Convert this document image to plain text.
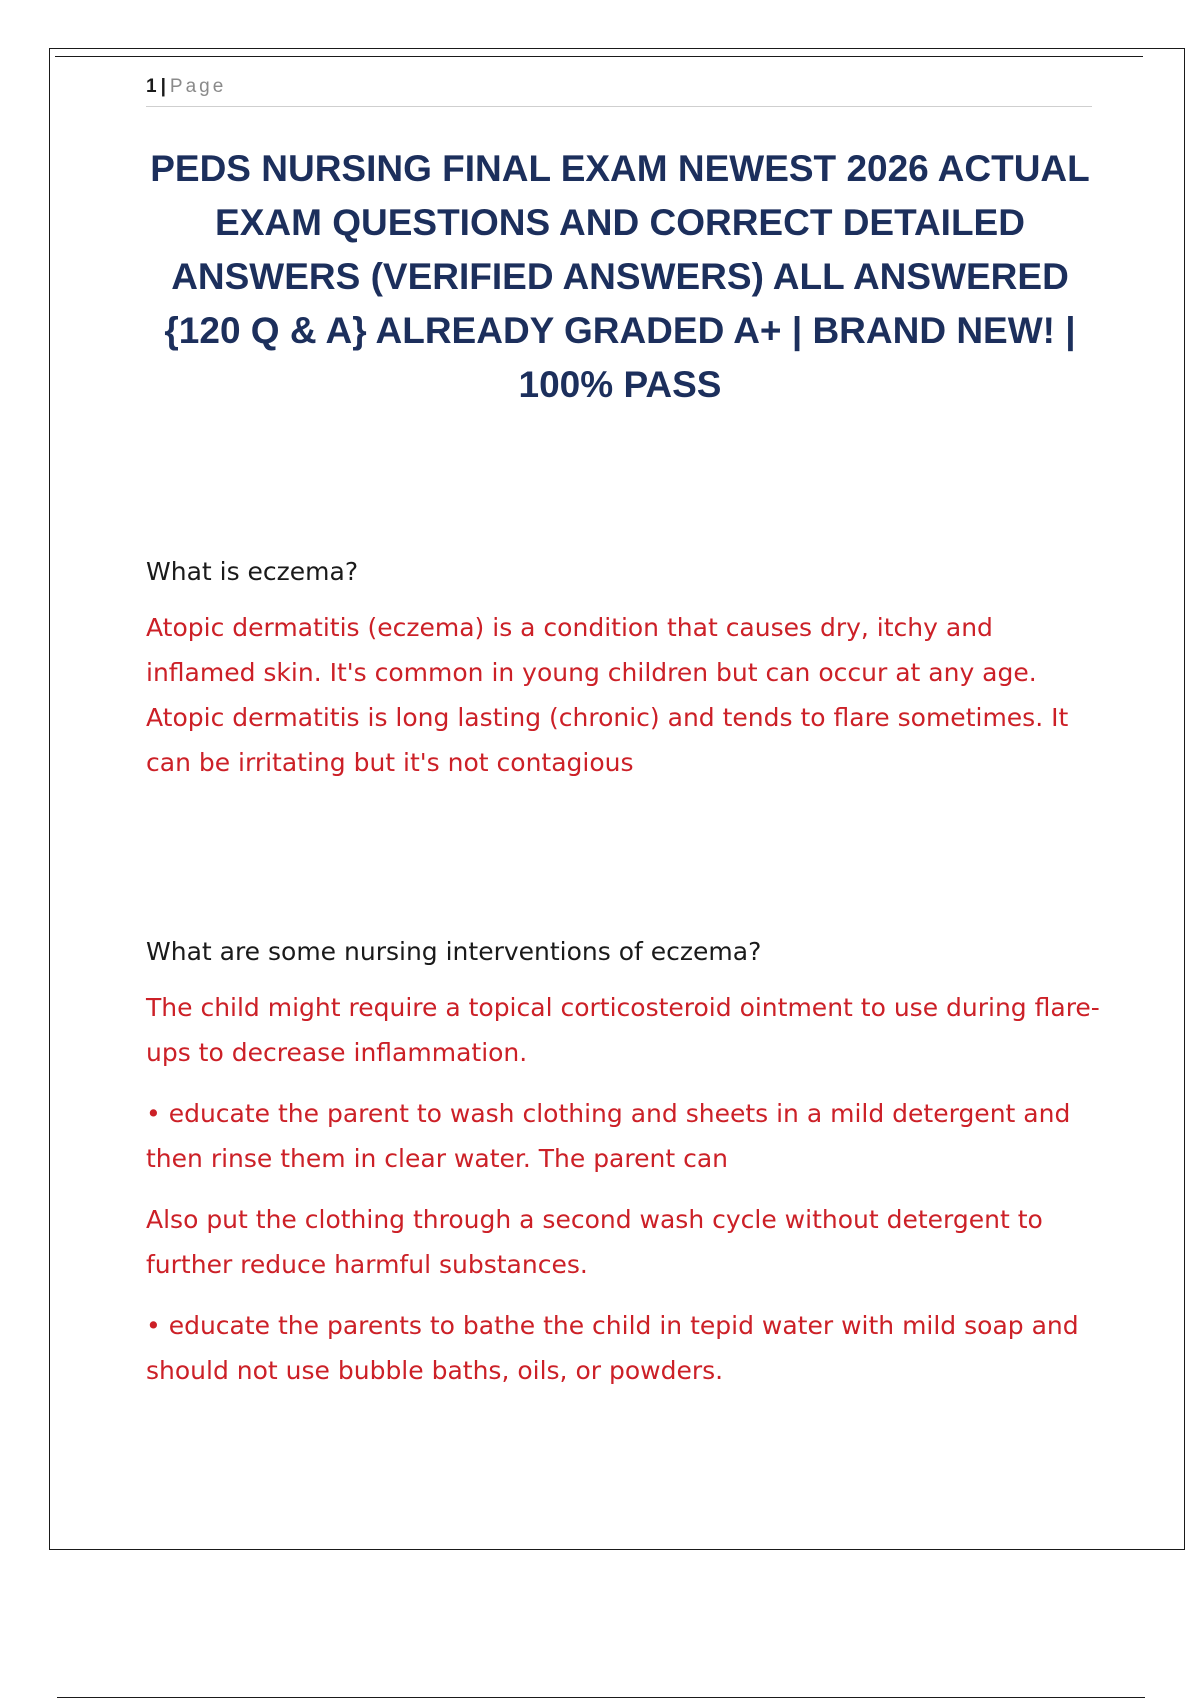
1 | Page
PEDS NURSING FINAL EXAM NEWEST 2026 ACTUAL EXAM QUESTIONS AND CORRECT DETAILED ANSWERS (VERIFIED ANSWERS) ALL ANSWERED {120 Q & A} ALREADY GRADED A+ | BRAND NEW! | 100% PASS

What is eczema?

Atopic dermatitis (eczema) is a condition that causes dry, itchy and inflamed skin. It's common in young children but can occur at any age. Atopic dermatitis is long lasting (chronic) and tends to flare sometimes. It can be irritating but it's not contagious

What are some nursing interventions of eczema?

The child might require a topical corticosteroid ointment to use during flare-ups to decrease inflammation.

• educate the parent to wash clothing and sheets in a mild detergent and then rinse them in clear water. The parent can

Also put the clothing through a second wash cycle without detergent to further reduce harmful substances.

• educate the parents to bathe the child in tepid water with mild soap and should not use bubble baths, oils, or powders.
